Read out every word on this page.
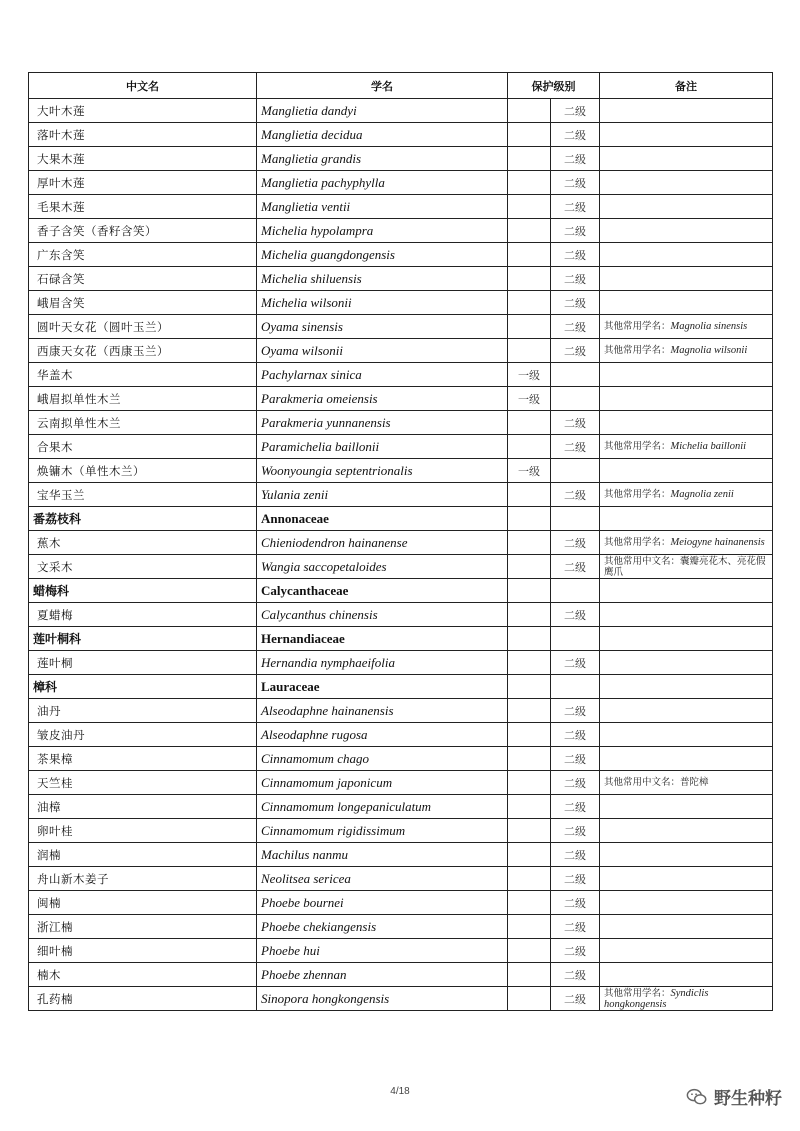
中文名	学名	保护级别		备注
大叶木莲	Manglietia dandyi		二级	
落叶木莲	Manglietia decidua		二级	
大果木莲	Manglietia grandis		二级	
厚叶木莲	Manglietia pachyphylla		二级	
毛果木莲	Manglietia ventii		二级	
香子含笑（香籽含笑）	Michelia hypolampra		二级	
广东含笑	Michelia guangdongensis		二级	
石碌含笑	Michelia shiluensis		二级	
峨眉含笑	Michelia wilsonii		二级	
圆叶天女花（圆叶玉兰）	Oyama sinensis		二级	其他常用学名：Magnolia sinensis
西康天女花（西康玉兰）	Oyama wilsonii		二级	其他常用学名：Magnolia wilsonii
华盖木	Pachylarnax sinica	一级		
峨眉拟单性木兰	Parakmeria omeiensis	一级		
云南拟单性木兰	Parakmeria yunnanensis		二级	
合果木	Paramichelia baillonii		二级	其他常用学名：Michelia baillonii
焕镛木（单性木兰）	Woonyoungia septentrionalis	一级		
宝华玉兰	Yulania zenii		二级	其他常用学名：Magnolia zenii
番荔枝科	Annonaceae			
蕉木	Chieniodendron hainanense		二级	其他常用学名：Meiogyne hainanensis
文采木	Wangia saccopetaloides		二级	其他常用中文名：囊瓣亮花木、亮花假鹰爪
蜡梅科	Calycanthaceae			
夏蜡梅	Calycanthus chinensis		二级	
莲叶桐科	Hernandiaceae			
莲叶桐	Hernandia nymphaeifolia		二级	
樟科	Lauraceae			
油丹	Alseodaphne hainanensis		二级	
皱皮油丹	Alseodaphne rugosa		二级	
茶果樟	Cinnamomum chago		二级	
天竺桂	Cinnamomum japonicum		二级	其他常用中文名：普陀樟
油樟	Cinnamomum longepaniculatum		二级	
卵叶桂	Cinnamomum rigidissimum		二级	
润楠	Machilus nanmu		二级	
舟山新木姜子	Neolitsea sericea		二级	
闽楠	Phoebe bournei		二级	
浙江楠	Phoebe chekiangensis		二级	
细叶楠	Phoebe hui		二级	
楠木	Phoebe zhennan		二级	
孔药楠	Sinopora hongkongensis		二级	其他常用学名：Syndiclis hongkongensis
4/18	野生种籽
